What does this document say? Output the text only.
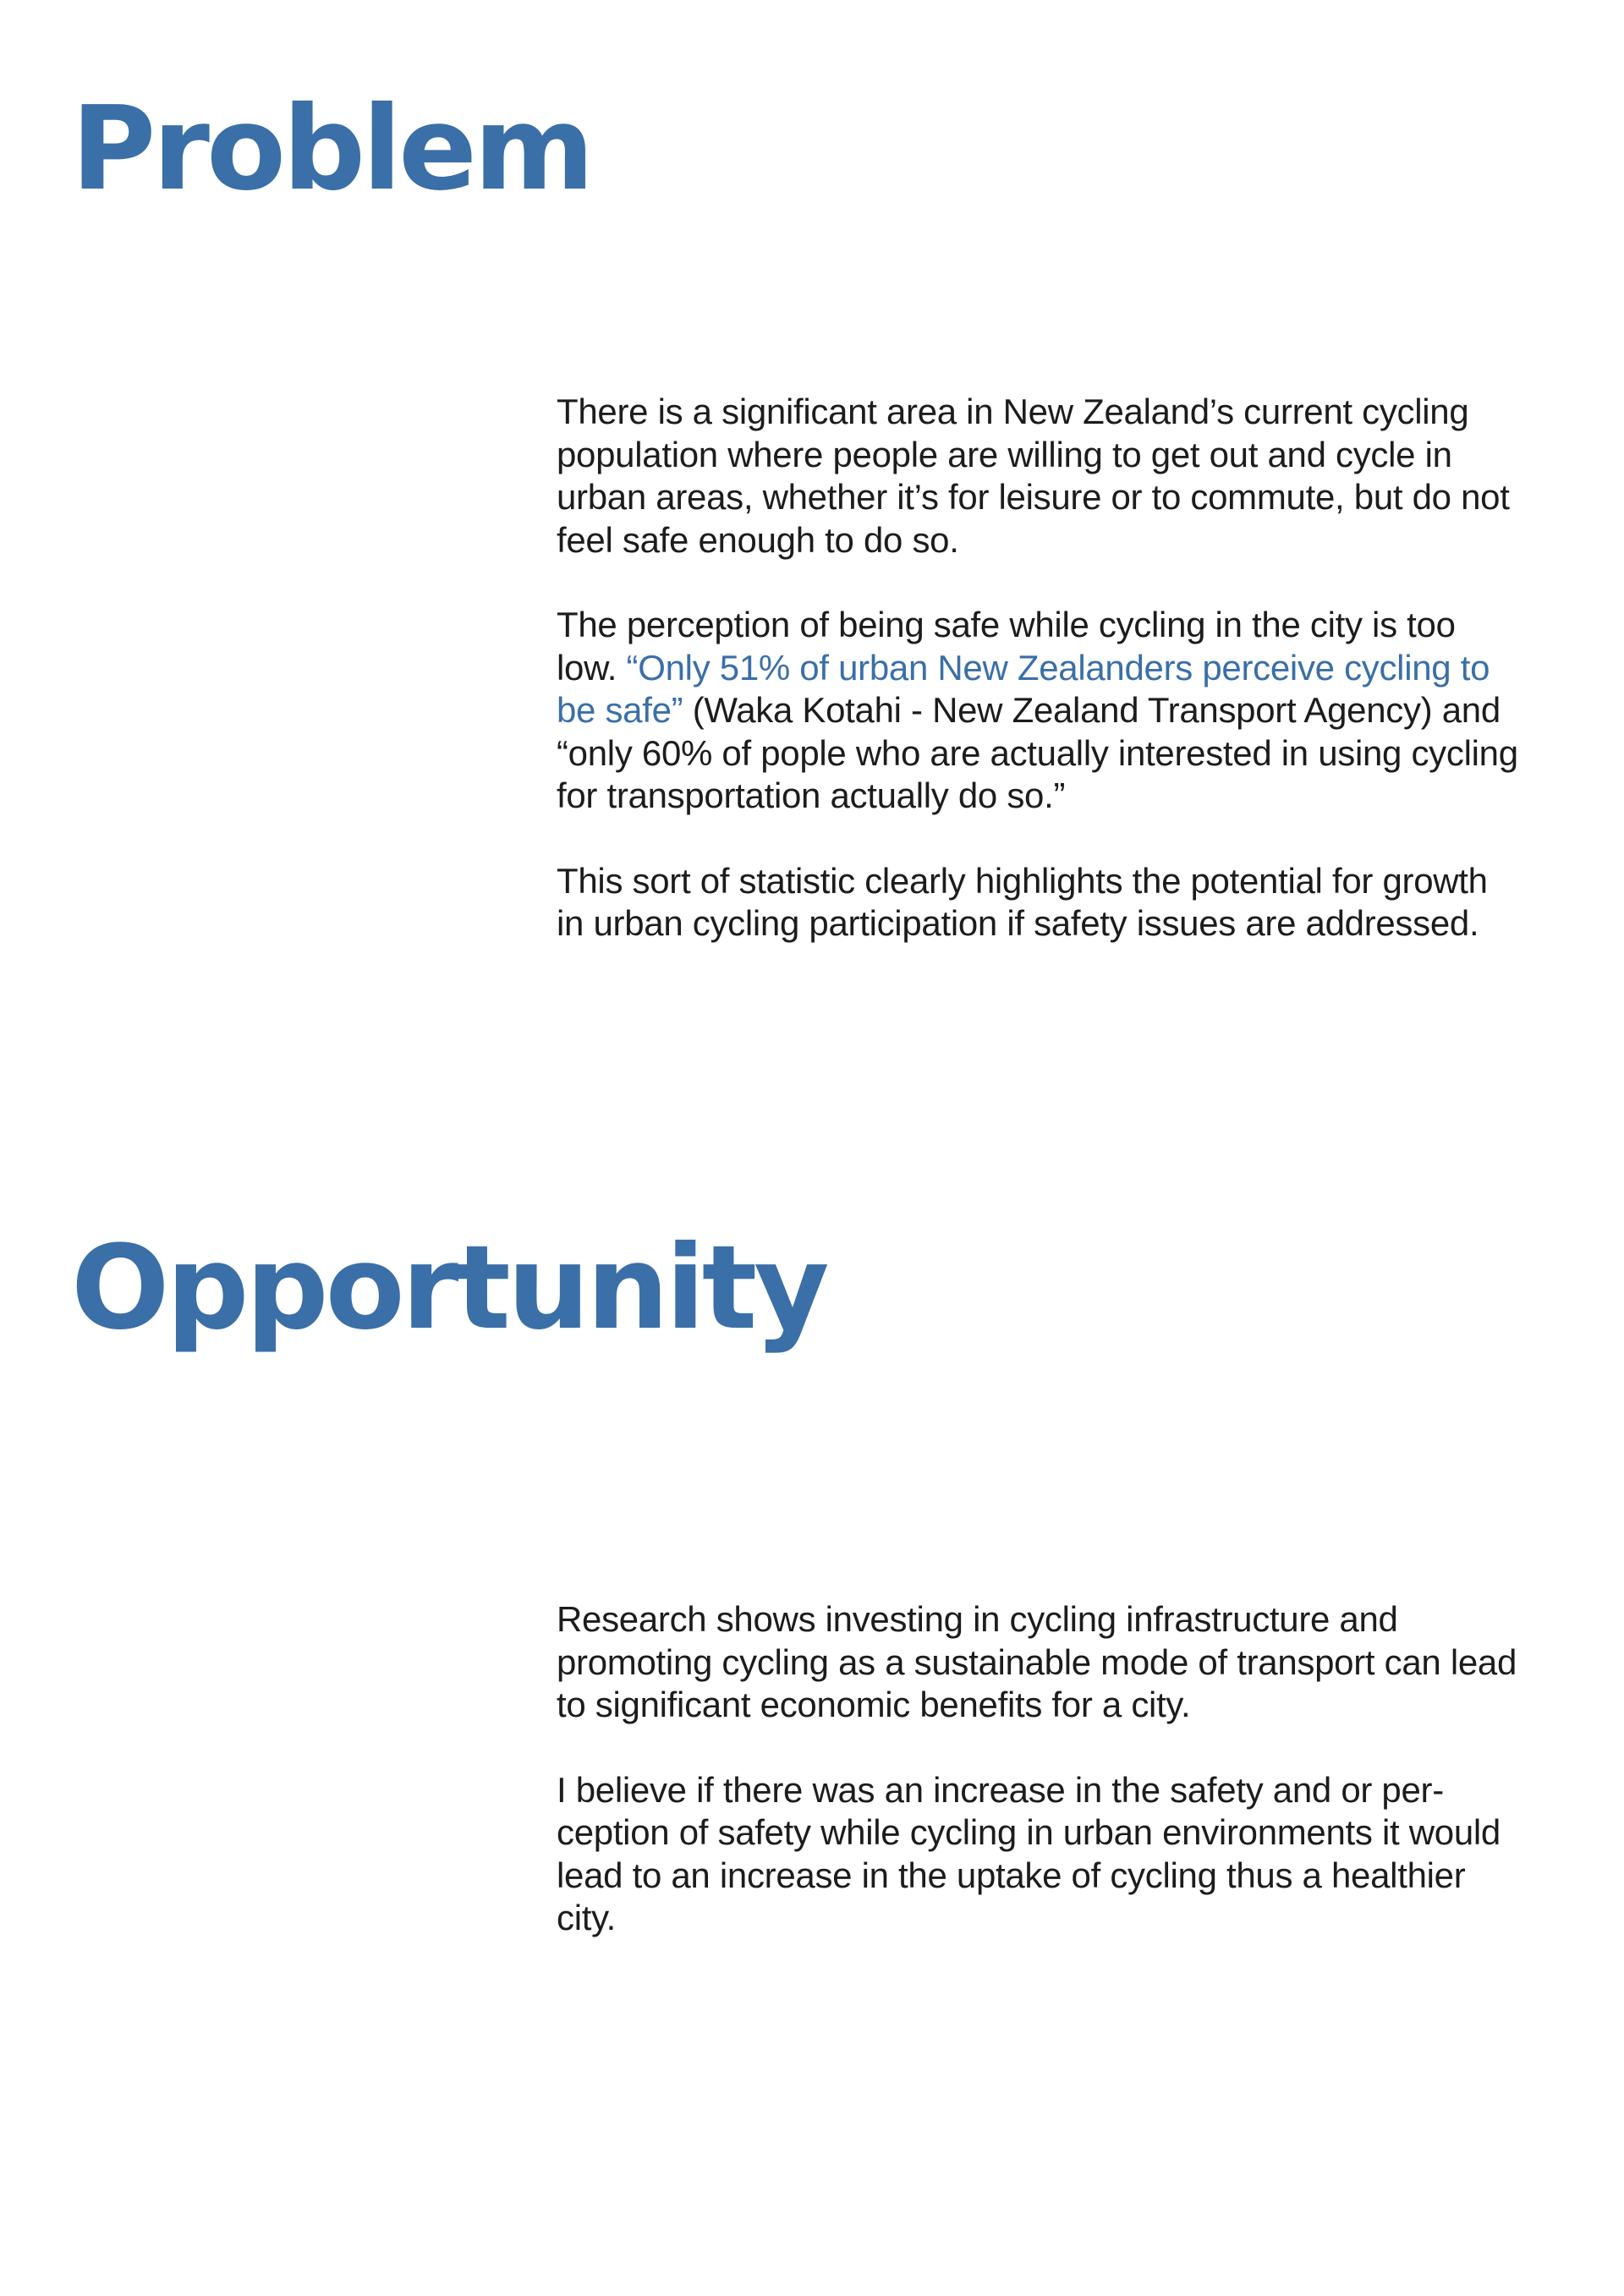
Problem

There is a significant area in New Zealand’s current cycling population where people are willing to get out and cycle in urban areas, whether it’s for leisure or to commute, but do not feel safe enough to do so.

The perception of being safe while cycling in the city is too low. “Only 51% of urban New Zealanders perceive cycling to be safe” (Waka Kotahi - New Zealand Transport Agency) and “only 60% of pople who are actually interested in using cycling for transportation actually do so.”

This sort of statistic clearly highlights the potential for growth in urban cycling participation if safety issues are addressed.

Opportunity

Research shows investing in cycling infrastructure and promoting cycling as a sustainable mode of transport can lead to significant economic benefits for a city.

I believe if there was an increase in the safety and or per-ception of safety while cycling in urban environments it would lead to an increase in the uptake of cycling thus a healthier city.
